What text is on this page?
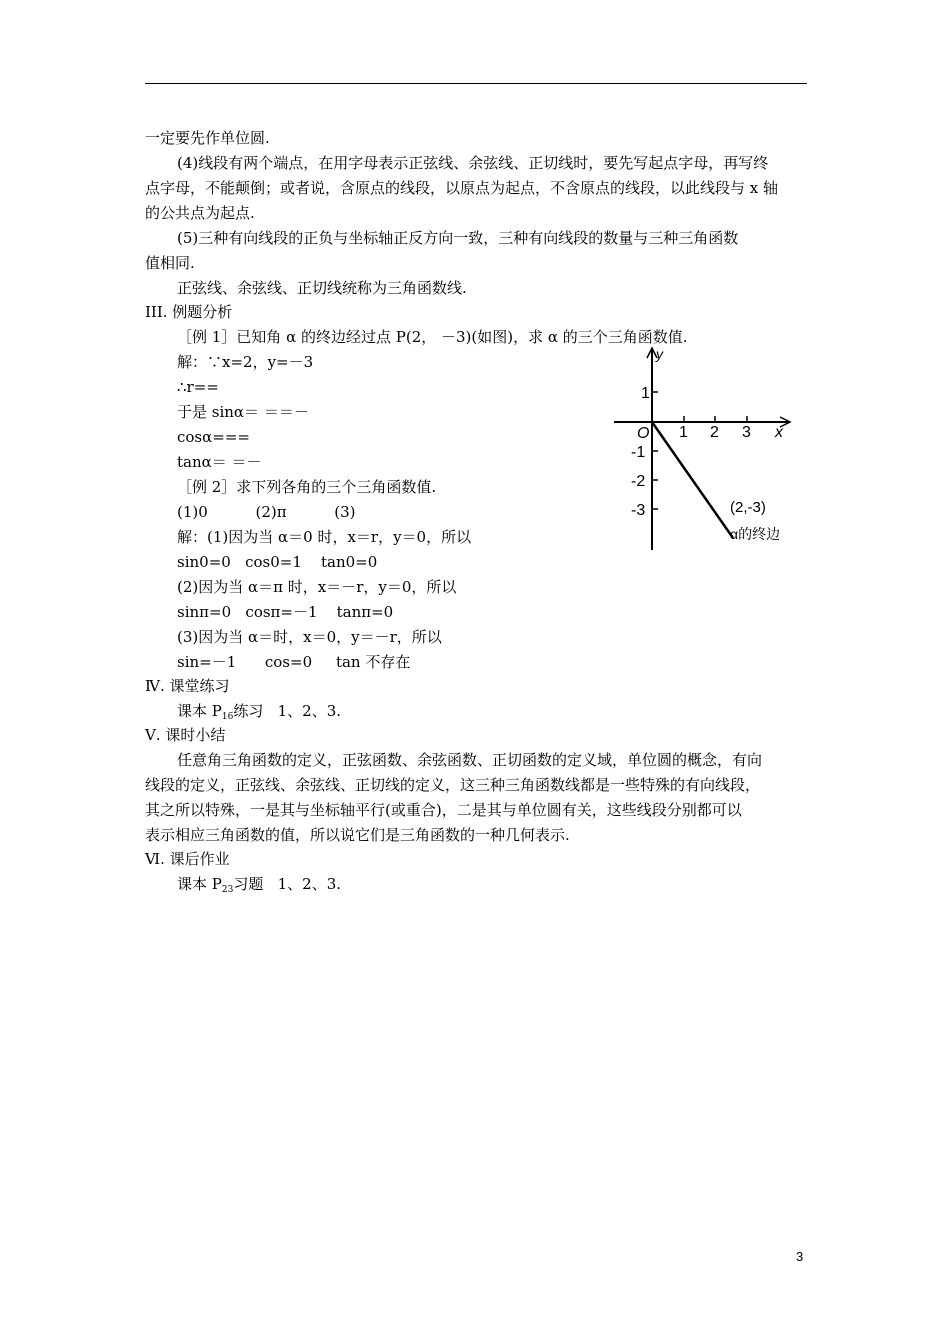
一定要先作单位圆.
(4)线段有两个端点，在用字母表示正弦线、余弦线、正切线时，要先写起点字母，再写终
点字母，不能颠倒；或者说，含原点的线段，以原点为起点，不含原点的线段，以此线段与 x 轴
的公共点为起点.
(5)三种有向线段的正负与坐标轴正反方向一致，三种有向线段的数量与三种三角函数
值相同.
正弦线、余弦线、正切线统称为三角函数线.
III. 例题分析
［例 1］已知角 α 的终边经过点 P(2， －3)(如图)，求 α 的三个三角函数值.
解：∵x=2，y=－3
∴r==
于是 sinα＝ ＝＝－
cosα===
tanα＝ ＝－
［例 2］求下列各角的三个三角函数值.
(1)0          (2)π          (3)
解：(1)因为当 α＝0 时，x＝r，y＝0，所以
sin0=0   cos0=1    tan0=0
(2)因为当 α＝π 时，x＝－r，y＝0，所以
sinπ=0   cosπ=－1    tanπ=0
(3)因为当 α＝时，x＝0，y＝－r，所以
sin=－1      cos=0     tan 不存在
Ⅳ. 课堂练习
课本 $P_{16}$练习   1、2、3.
Ⅴ. 课时小结
任意角三角函数的定义，正弦函数、余弦函数、正切函数的定义域，单位圆的概念，有向
线段的定义，正弦线、余弦线、正切线的定义，这三种三角函数线都是一些特殊的有向线段，
其之所以特殊，一是其与坐标轴平行(或重合)，二是其与单位圆有关，这些线段分别都可以
表示相应三角函数的值，所以说它们是三角函数的一种几何表示.
Ⅵ. 课后作业
课本 $P_{23}$习题   1、2、3.
y
x
O 1 2 3
1
-1
-2
-3	(2,-3)
α的终边
3
